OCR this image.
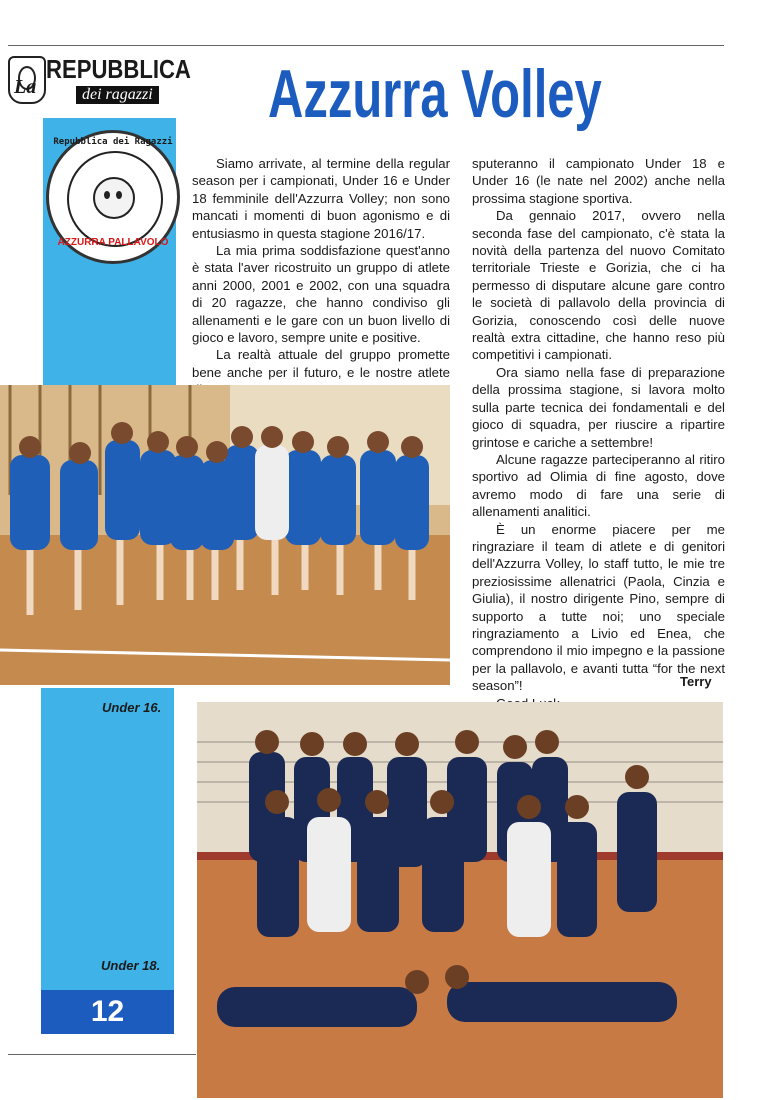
La
REPUBBLICA
dei ragazzi
Repubblica dei Ragazzi
AZZURRA PALLAVOLO
Azzurra Volley

Siamo arrivate, al termine della regular season per i campionati, Under 16 e Under 18 femminile dell'Azzurra Volley; non sono mancati i momenti di buon agonismo e di entusiasmo in questa stagione 2016/17.

La mia prima soddisfazione quest'anno è stata l'aver ricostruito un gruppo di atlete anni 2000, 2001 e 2002, con una squadra di 20 ragazze, che hanno condiviso gli allenamenti e le gare con un buon livello di gioco e lavoro, sempre unite e positive.

La realtà attuale del gruppo promette bene anche per il futuro, e le nostre atlete

sputeranno il campionato Under 18 e Under 16 (le nate nel 2002) anche nella prossima stagione sportiva.

Da gennaio 2017, ovvero nella seconda fase del campionato, c'è stata la novità della partenza del nuovo Comitato territoriale Trieste e Gorizia, che ci ha permesso di disputare alcune gare contro le società di pallavolo della provincia di Gorizia, conoscendo così delle nuove realtà extra cittadine, che hanno reso più competitivi i campionati.

Ora siamo nella fase di preparazione della prossima stagione, si lavora molto sulla parte tecnica dei fondamentali e del gioco di squadra, per riuscire a ripartire grintose e cariche a settembre!

Alcune ragazze parteciperanno al ritiro sportivo ad Olimia di fine agosto, dove avremo modo di fare una serie di allenamenti analitici.

È un enorme piacere per me ringraziare il team di atlete e di genitori dell'Azzurra Volley, lo staff tutto, le mie tre preziosissime allenatrici (Paola, Cinzia e Giulia), il nostro dirigente Pino, sempre di supporto a tutte noi; uno speciale ringraziamento a Livio ed Enea, che comprendono il mio impegno e la passione per la pallavolo, e avanti tutta “for the next season”!	Terry
Under 16.
Under 18.
12
